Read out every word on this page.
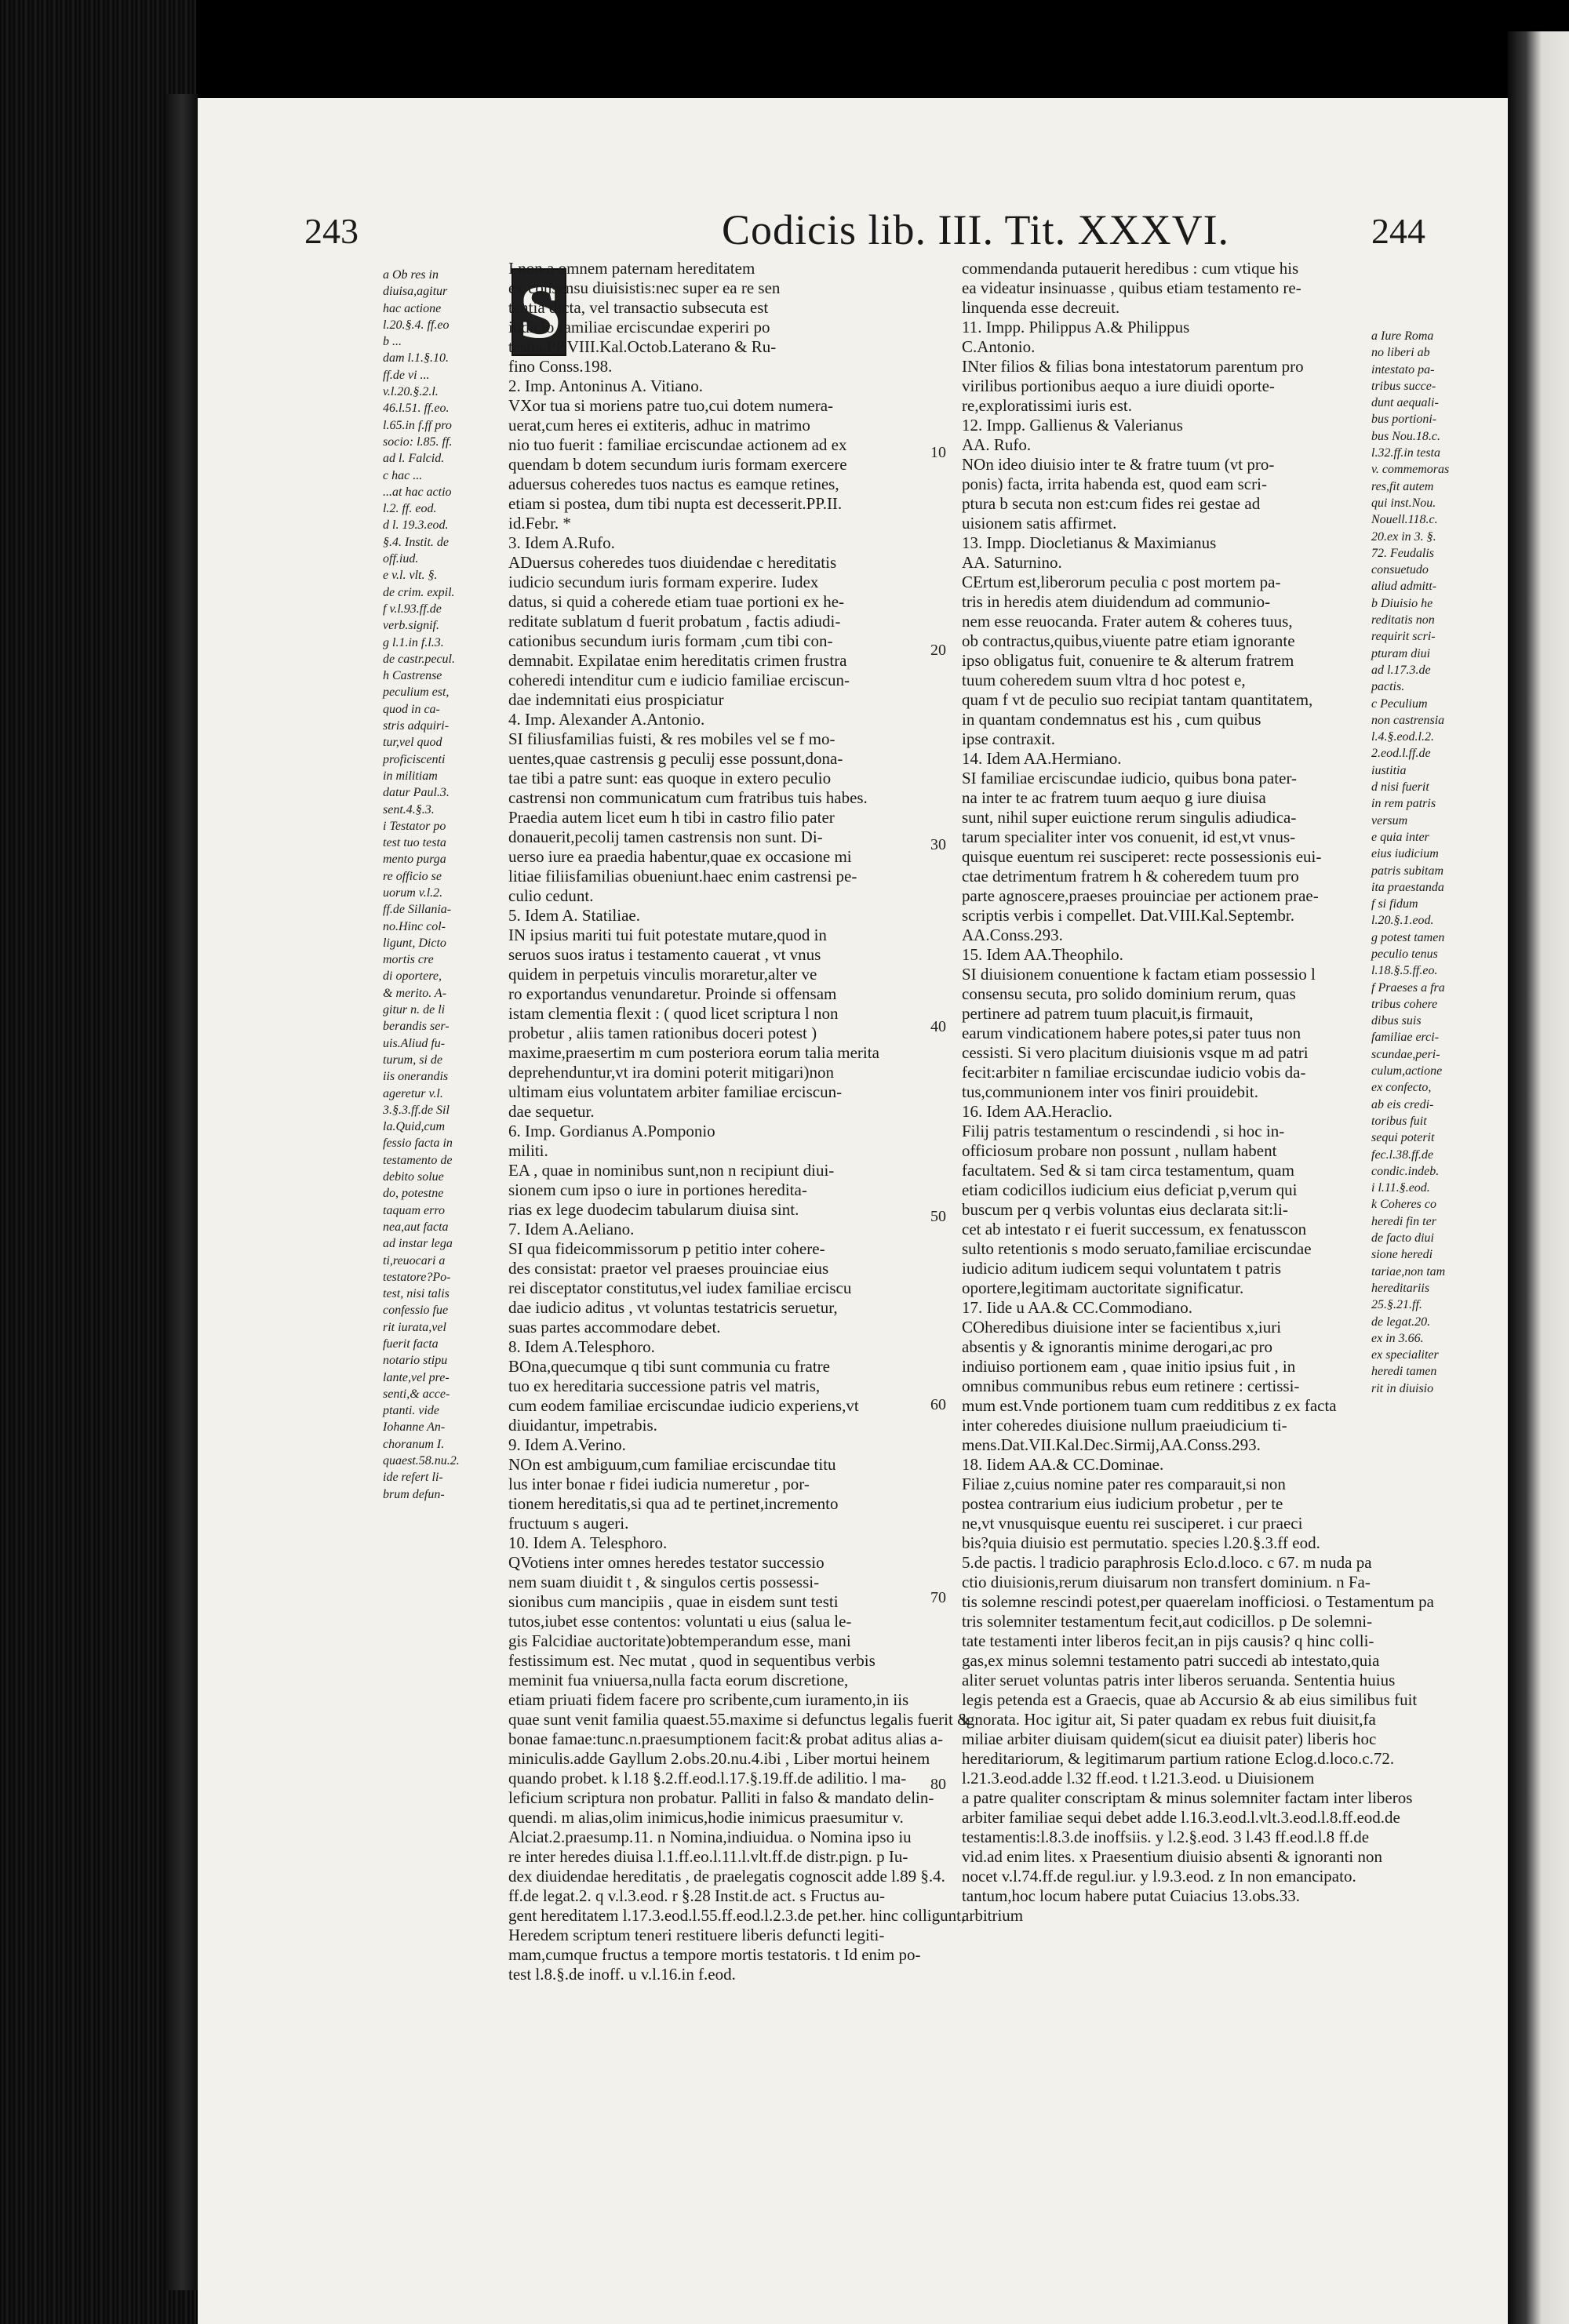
243	Codicis lib. III. Tit. XXXVI.	244
S
a Ob res in
diuisa,agitur
hac actione
l.20.§.4. ff.eo
b ...
dam l.1.§.10.
ff.de vi ...
v.l.20.§.2.l.
46.l.51. ff.eo.
l.65.in f.ff pro
socio: l.85. ff.
ad l. Falcid.
c hac ...
...at hac actio
l.2. ff. eod.
d l. 19.3.eod.
§.4. Instit. de
off.iud.
e v.l. vlt. §.
de crim. expil.
f v.l.93.ff.de
verb.signif.
g l.1.in f.l.3.
de castr.pecul.
h Castrense
peculium est,
quod in ca-
stris adquiri-
tur,vel quod
proficiscenti
in militiam
datur Paul.3.
sent.4.§.3.
i Testator po
test tuo testa
mento purga
re officio se
uorum v.l.2.
ff.de Sillania-
no.Hinc col-
ligunt, Dicto
mortis cre
di oportere,
& merito. A-
gitur n. de li
berandis ser-
uis.Aliud fu-
turum, si de
iis onerandis
ageretur v.l.
3.§.3.ff.de Sil
la.Quid,cum
fessio facta in
testamento de
debito solue
do, potestne
taquam erro
nea,aut facta
ad instar lega
ti,reuocari a
testatore?Po-
test, nisi talis
confessio fue
rit iurata,vel
fuerit facta
notario stipu
lante,vel pre-
senti,& acce-
ptanti. vide
Iohanne An-
choranum I.
quaest.58.nu.2.
ide refert li-
brum defun-
I non a omnem paternam hereditatem
ex consensu diuisistis:nec super ea re sen
tentia dicta, vel transactio subsecuta est
iudicio familiae erciscundae experiri po
testis.PP.VIII.Kal.Octob.Laterano & Ru-
fino Conss.198.
2. Imp. Antoninus A. Vitiano.
VXor tua si moriens patre tuo,cui dotem numera-
uerat,cum heres ei extiteris, adhuc in matrimo
nio tuo fuerit : familiae erciscundae actionem ad ex
quendam b dotem secundum iuris formam exercere
aduersus coheredes tuos nactus es eamque retines,
etiam si postea, dum tibi nupta est decesserit.PP.II.
id.Febr. *
3. Idem A.Rufo.
ADuersus coheredes tuos diuidendae c hereditatis
iudicio secundum iuris formam experire. Iudex
datus, si quid a coherede etiam tuae portioni ex he-
reditate sublatum d fuerit probatum , factis adiudi-
cationibus secundum iuris formam ,cum tibi con-
demnabit. Expilatae enim hereditatis crimen frustra
coheredi intenditur cum e iudicio familiae erciscun-
dae indemnitati eius prospiciatur
4. Imp. Alexander A.Antonio.
SI filiusfamilias fuisti, & res mobiles vel se f mo-
uentes,quae castrensis g peculij esse possunt,dona-
tae tibi a patre sunt: eas quoque in extero peculio
castrensi non communicatum cum fratribus tuis habes.
Praedia autem licet eum h tibi in castro filio pater
donauerit,pecolij tamen castrensis non sunt. Di-
uerso iure ea praedia habentur,quae ex occasione mi
litiae filiisfamilias obueniunt.haec enim castrensi pe-
culio cedunt.
5. Idem A. Statiliae.
IN ipsius mariti tui fuit potestate mutare,quod in
seruos suos iratus i testamento cauerat , vt vnus
quidem in perpetuis vinculis moraretur,alter ve
ro exportandus venundaretur. Proinde si offensam
istam clementia flexit : ( quod licet scriptura l non
probetur , aliis tamen rationibus doceri potest )
maxime,praesertim m cum posteriora eorum talia merita
deprehenduntur,vt ira domini poterit mitigari)non
ultimam eius voluntatem arbiter familiae erciscun-
dae sequetur.
6. Imp. Gordianus A.Pomponio
militi.
EA , quae in nominibus sunt,non n recipiunt diui-
sionem cum ipso o iure in portiones heredita-
rias ex lege duodecim tabularum diuisa sint.
7. Idem A.Aeliano.
SI qua fideicommissorum p petitio inter cohere-
des consistat: praetor vel praeses prouinciae eius
rei disceptator constitutus,vel iudex familiae erciscu
dae iudicio aditus , vt voluntas testatricis seruetur,
suas partes accommodare debet.
8. Idem A.Telesphoro.
BOna,quecumque q tibi sunt communia cu fratre
tuo ex hereditaria successione patris vel matris,
cum eodem familiae erciscundae iudicio experiens,vt
diuidantur, impetrabis.
9. Idem A.Verino.
NOn est ambiguum,cum familiae erciscundae titu
lus inter bonae r fidei iudicia numeretur , por-
tionem hereditatis,si qua ad te pertinet,incremento
fructuum s augeri.
10. Idem A. Telesphoro.
QVotiens inter omnes heredes testator successio
nem suam diuidit t , & singulos certis possessi-
sionibus cum mancipiis , quae in eisdem sunt testi
tutos,iubet esse contentos: voluntati u eius (salua le-
gis Falcidiae auctoritate)obtemperandum esse, mani
festissimum est. Nec mutat , quod in sequentibus verbis
meminit fua vniuersa,nulla facta eorum discretione,
etiam priuati fidem facere pro scribente,cum iuramento,in iis
quae sunt venit familia quaest.55.maxime si defunctus legalis fuerit &
bonae famae:tunc.n.praesumptionem facit:& probat aditus alias a-
miniculis.adde Gayllum 2.obs.20.nu.4.ibi , Liber mortui heinem
quando probet. k l.18 §.2.ff.eod.l.17.§.19.ff.de adilitio. l ma-
leficium scriptura non probatur. Palliti in falso & mandato delin-
quendi. m alias,olim inimicus,hodie inimicus praesumitur v.
Alciat.2.praesump.11. n Nomina,indiuidua. o Nomina ipso iu
re inter heredes diuisa l.1.ff.eo.l.11.l.vlt.ff.de distr.pign. p Iu-
dex diuidendae hereditatis , de praelegatis cognoscit adde l.89 §.4.
ff.de legat.2. q v.l.3.eod. r §.28 Instit.de act. s Fructus au-
gent hereditatem l.17.3.eod.l.55.ff.eod.l.2.3.de pet.her. hinc colligunt,
Heredem scriptum teneri restituere liberis defuncti legiti-
mam,cumque fructus a tempore mortis testatoris. t Id enim po-
test l.8.§.de inoff. u v.l.16.in f.eod.
commendanda putauerit heredibus : cum vtique his
ea videatur insinuasse , quibus etiam testamento re-
linquenda esse decreuit.
11. Impp. Philippus A.& Philippus
C.Antonio.
INter filios & filias bona intestatorum parentum pro
virilibus portionibus aequo a iure diuidi oporte-
re,exploratissimi iuris est.
12. Impp. Gallienus & Valerianus
AA. Rufo.
NOn ideo diuisio inter te & fratre tuum (vt pro-
ponis) facta, irrita habenda est, quod eam scri-
ptura b secuta non est:cum fides rei gestae ad
uisionem satis affirmet.
13. Impp. Diocletianus & Maximianus
AA. Saturnino.
CErtum est,liberorum peculia c post mortem pa-
tris in heredis atem diuidendum ad communio-
nem esse reuocanda. Frater autem & coheres tuus,
ob contractus,quibus,viuente patre etiam ignorante
ipso obligatus fuit, conuenire te & alterum fratrem
tuum coheredem suum vltra d hoc potest e,
quam f vt de peculio suo recipiat tantam quantitatem,
in quantam condemnatus est his , cum quibus
ipse contraxit.
14. Idem AA.Hermiano.
SI familiae erciscundae iudicio, quibus bona pater-
na inter te ac fratrem tuum aequo g iure diuisa
sunt, nihil super euictione rerum singulis adiudica-
tarum specialiter inter vos conuenit, id est,vt vnus-
quisque euentum rei susciperet: recte possessionis eui-
ctae detrimentum fratrem h & coheredem tuum pro
parte agnoscere,praeses prouinciae per actionem prae-
scriptis verbis i compellet. Dat.VIII.Kal.Septembr.
AA.Conss.293.
15. Idem AA.Theophilo.
SI diuisionem conuentione k factam etiam possessio l
consensu secuta, pro solido dominium rerum, quas
pertinere ad patrem tuum placuit,is firmauit,
earum vindicationem habere potes,si pater tuus non
cessisti. Si vero placitum diuisionis vsque m ad patri
fecit:arbiter n familiae erciscundae iudicio vobis da-
tus,communionem inter vos finiri prouidebit.
16. Idem AA.Heraclio.
Filij patris testamentum o rescindendi , si hoc in-
officiosum probare non possunt , nullam habent
facultatem. Sed & si tam circa testamentum, quam
etiam codicillos iudicium eius deficiat p,verum qui
buscum per q verbis voluntas eius declarata sit:li-
cet ab intestato r ei fuerit successum, ex fenatusscon
sulto retentionis s modo seruato,familiae erciscundae
iudicio aditum iudicem sequi voluntatem t patris
oportere,legitimam auctoritate significatur.
17. Iide u AA.& CC.Commodiano.
COheredibus diuisione inter se facientibus x,iuri
absentis y & ignorantis minime derogari,ac pro
indiuiso portionem eam , quae initio ipsius fuit , in
omnibus communibus rebus eum retinere : certissi-
mum est.Vnde portionem tuam cum redditibus z ex facta
inter coheredes diuisione nullum praeiudicium ti-
mens.Dat.VII.Kal.Dec.Sirmij,AA.Conss.293.
18. Iidem AA.& CC.Dominae.
Filiae z,cuius nomine pater res comparauit,si non
postea contrarium eius iudicium probetur , per te
ne,vt vnusquisque euentu rei susciperet. i cur praeci
bis?quia diuisio est permutatio. species l.20.§.3.ff eod.
5.de pactis. l tradicio paraphrosis Eclo.d.loco. c 67. m nuda pa
ctio diuisionis,rerum diuisarum non transfert dominium. n Fa-
tis solemne rescindi potest,per quaerelam inofficiosi. o Testamentum pa
tris solemniter testamentum fecit,aut codicillos. p De solemni-
tate testamenti inter liberos fecit,an in pijs causis? q hinc colli-
gas,ex minus solemni testamento patri succedi ab intestato,quia
aliter seruet voluntas patris inter liberos seruanda. Sententia huius
legis petenda est a Graecis, quae ab Accursio & ab eius similibus fuit
ignorata. Hoc igitur ait, Si pater quadam ex rebus fuit diuisit,fa
miliae arbiter diuisam quidem(sicut ea diuisit pater) liberis hoc
hereditariorum, & legitimarum partium ratione Eclog.d.loco.c.72.
l.21.3.eod.adde l.32 ff.eod. t l.21.3.eod. u Diuisionem
a patre qualiter conscriptam & minus solemniter factam inter liberos
arbiter familiae sequi debet adde l.16.3.eod.l.vlt.3.eod.l.8.ff.eod.de
testamentis:l.8.3.de inoffsiis. y l.2.§.eod. 3 l.43 ff.eod.l.8 ff.de
vid.ad enim lites. x Praesentium diuisio absenti & ignoranti non
nocet v.l.74.ff.de regul.iur. y l.9.3.eod. z In non emancipato.
tantum,hoc locum habere putat Cuiacius 13.obs.33.
arbitrium
a Iure Roma
no liberi ab
intestato pa-
tribus succe-
dunt aequali-
bus portioni-
bus Nou.18.c.
l.32.ff.in testa
v. commemoras
res,fit autem
qui inst.Nou.
Nouell.118.c.
20.ex in 3. §.
72. Feudalis
consuetudo
aliud admitt-
b Diuisio he
reditatis non
requirit scri-
pturam diui
ad l.17.3.de
pactis.
c Peculium
non castrensia
l.4.§.eod.l.2.
2.eod.l.ff.de
iustitia
d nisi fuerit
in rem patris
versum
e quia inter
eius iudicium
patris subitam
ita praestanda
f si fidum
l.20.§.1.eod.
g potest tamen
peculio tenus
l.18.§.5.ff.eo.
f Praeses a fra
tribus cohere
dibus suis
familiae erci-
scundae,peri-
culum,actione
ex confecto,
ab eis credi-
toribus fuit
sequi poterit
fec.l.38.ff.de
condic.indeb.
i l.11.§.eod.
k Coheres co
heredi fin ter
de facto diui
sione heredi
tariae,non tam
hereditariis
25.§.21.ff.
de legat.20.
ex in 3.66.
ex specialiter
heredi tamen
rit in diuisio
10
20
30
40
50
60
70
80
